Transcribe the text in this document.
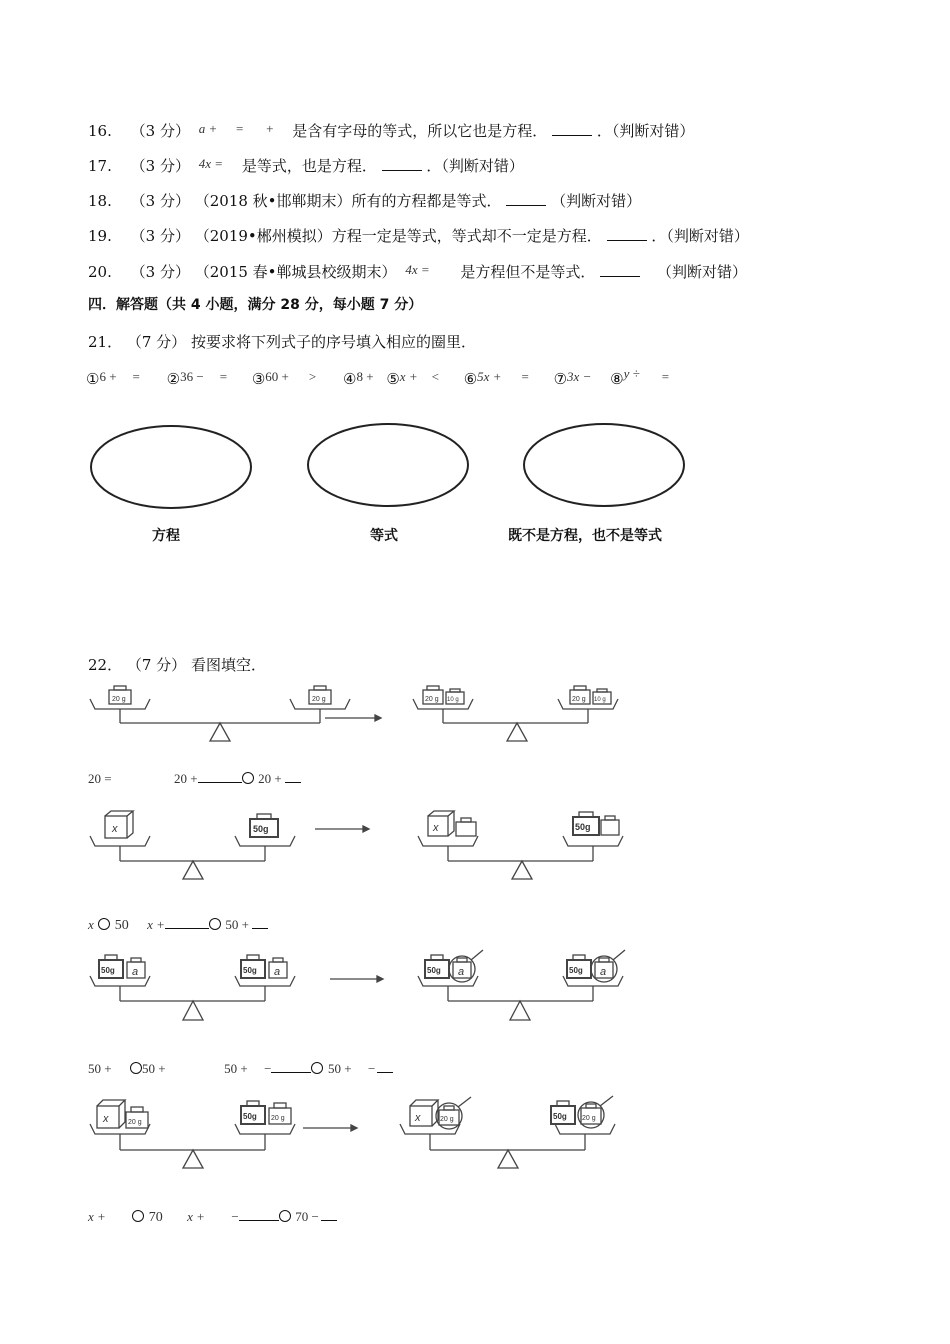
16. （3 分） a + = + 是含有字母的等式，所以它也是方程．	．（判断对错）
17. （3 分） 4x = 是等式，也是方程．	．（判断对错）
18. （3 分） （2018 秋•邯郸期末）所有的方程都是等式．	（判断对错）
19. （3 分） （2019•郴州模拟）方程一定是等式，等式却不一定是方程．	．（判断对错）
20. （3 分） （2015 春•郸城县校级期末） 4x = 是方程但不是等式．	（判断对错）
四．解答题（共 4 小题，满分 28 分，每小题 7 分）
21． （7 分） 按要求将下列式子的序号填入相应的圈里．
①6 + = ②36 − = ③60 + > ④8 + ⑤x + < ⑥5x + = ⑦3x − ⑧y ÷ =
方程	等式	既不是方程，也不是等式
22． （7 分） 看图填空．
20 g	20 g	20 g 10 g	20 g 10 g
20 =	20 +	20 +
x	50g	x	50g
x 50 x +	50 +
50g a	50g a	50g a	50g a
50 + 50 +	50 + −	50 + −
x	20 g
50g 20 g	x	20 g	50g 20 g
x +	70 x + −	70 −
